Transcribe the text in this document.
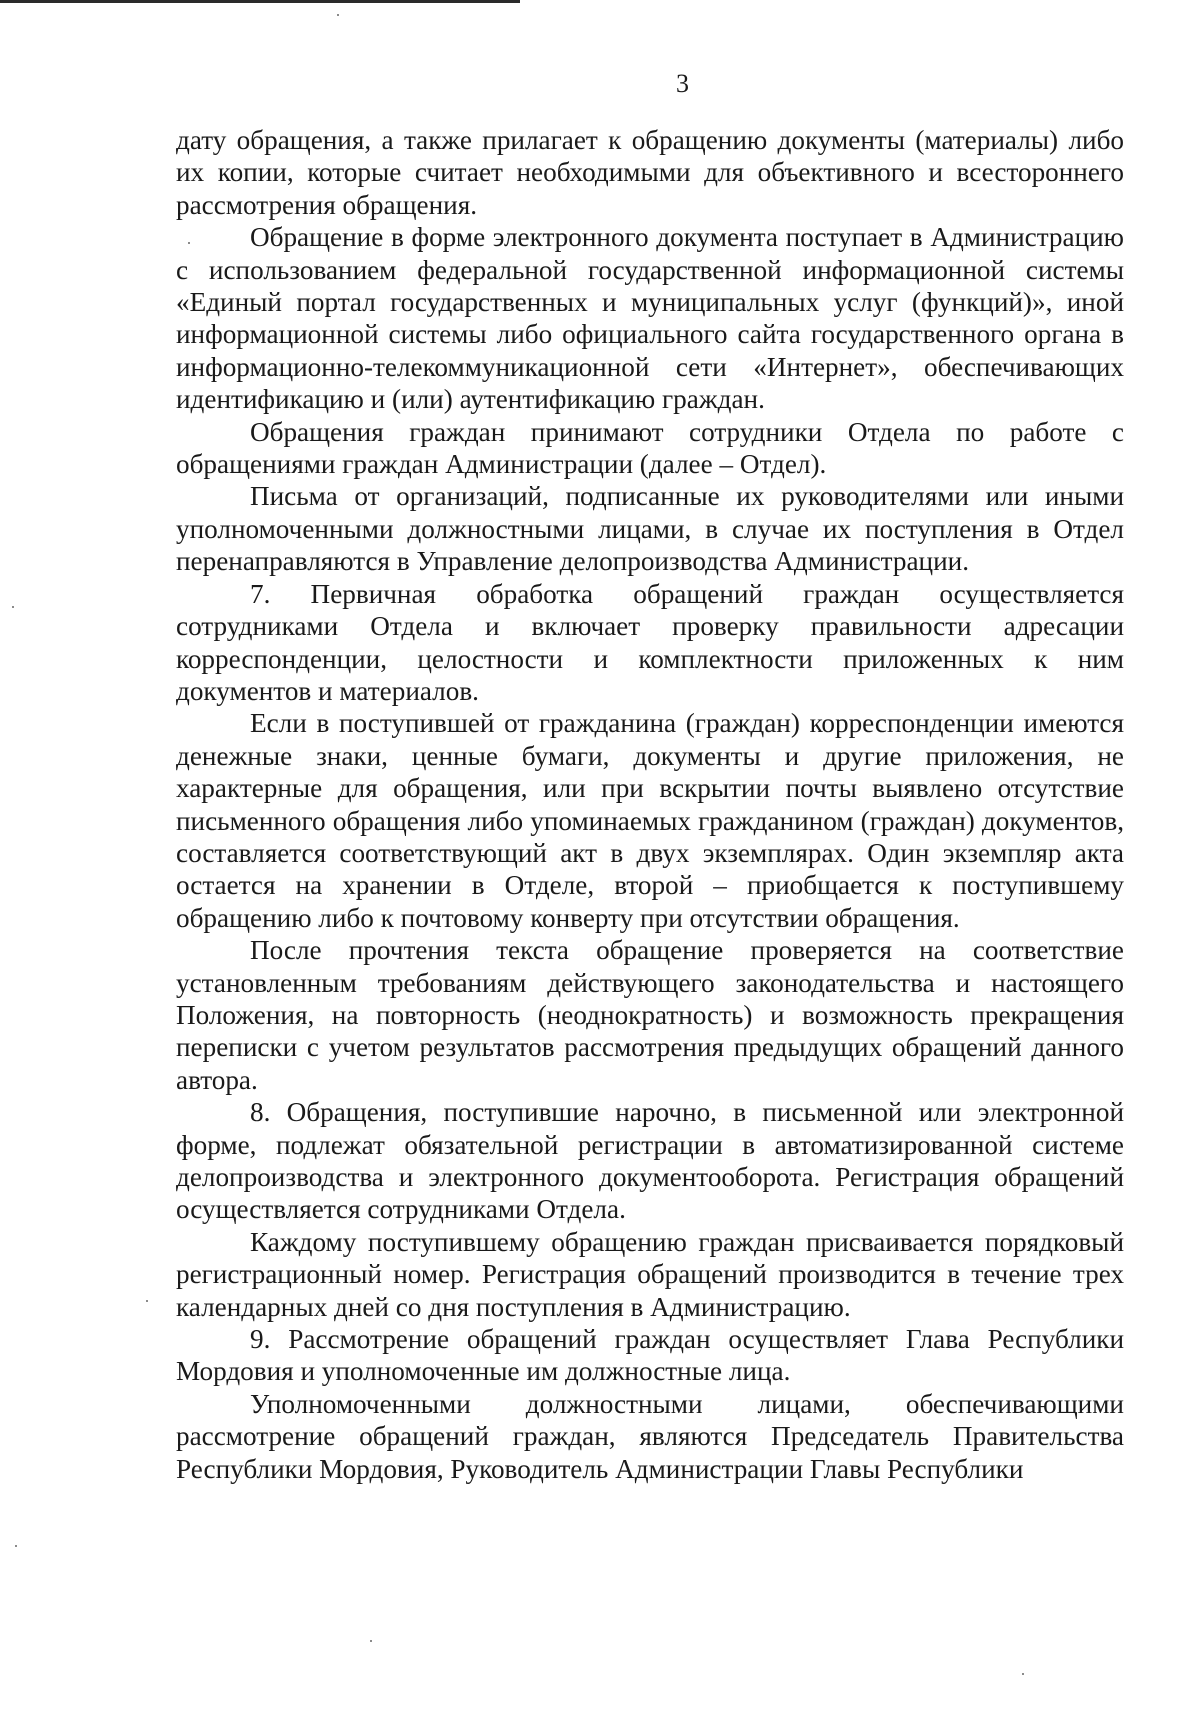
3

дату обращения, а также прилагает к обращению документы (материалы) либо их копии, которые считает необходимыми для объективного и всестороннего рассмотрения обращения.

Обращение в форме электронного документа поступает в Администрацию с использованием федеральной государственной информационной системы «Единый портал государственных и муниципальных услуг (функций)», иной информационной системы либо официального сайта государственного органа в информационно-телекоммуникационной сети «Интернет», обеспечивающих идентификацию и (или) аутентификацию граждан.

Обращения граждан принимают сотрудники Отдела по работе с обращениями граждан Администрации (далее – Отдел).

Письма от организаций, подписанные их руководителями или иными уполномоченными должностными лицами, в случае их поступления в Отдел перенаправляются в Управление делопроизводства Администрации.

7. Первичная обработка обращений граждан осуществляется сотрудниками Отдела и включает проверку правильности адресации корреспонденции, целостности и комплектности приложенных к ним документов и материалов.

Если в поступившей от гражданина (граждан) корреспонденции имеются денежные знаки, ценные бумаги, документы и другие приложения, не характерные для обращения, или при вскрытии почты выявлено отсутствие письменного обращения либо упоминаемых гражданином (граждан) документов, составляется соответствующий акт в двух экземплярах. Один экземпляр акта остается на хранении в Отделе, второй – приобщается к поступившему обращению либо к почтовому конверту при отсутствии обращения.

После прочтения текста обращение проверяется на соответствие установленным требованиям действующего законодательства и настоящего Положения, на повторность (неоднократность) и возможность прекращения переписки с учетом результатов рассмотрения предыдущих обращений данного автора.

8. Обращения, поступившие нарочно, в письменной или электронной форме, подлежат обязательной регистрации в автоматизированной системе делопроизводства и электронного документооборота. Регистрация обращений осуществляется сотрудниками Отдела.

Каждому поступившему обращению граждан присваивается порядковый регистрационный номер. Регистрация обращений производится в течение трех календарных дней со дня поступления в Администрацию.

9. Рассмотрение обращений граждан осуществляет Глава Республики Мордовия и уполномоченные им должностные лица.

Уполномоченными должностными лицами, обеспечивающими рассмотрение обращений граждан, являются Председатель Правительства Республики Мордовия, Руководитель Администрации Главы Республики
